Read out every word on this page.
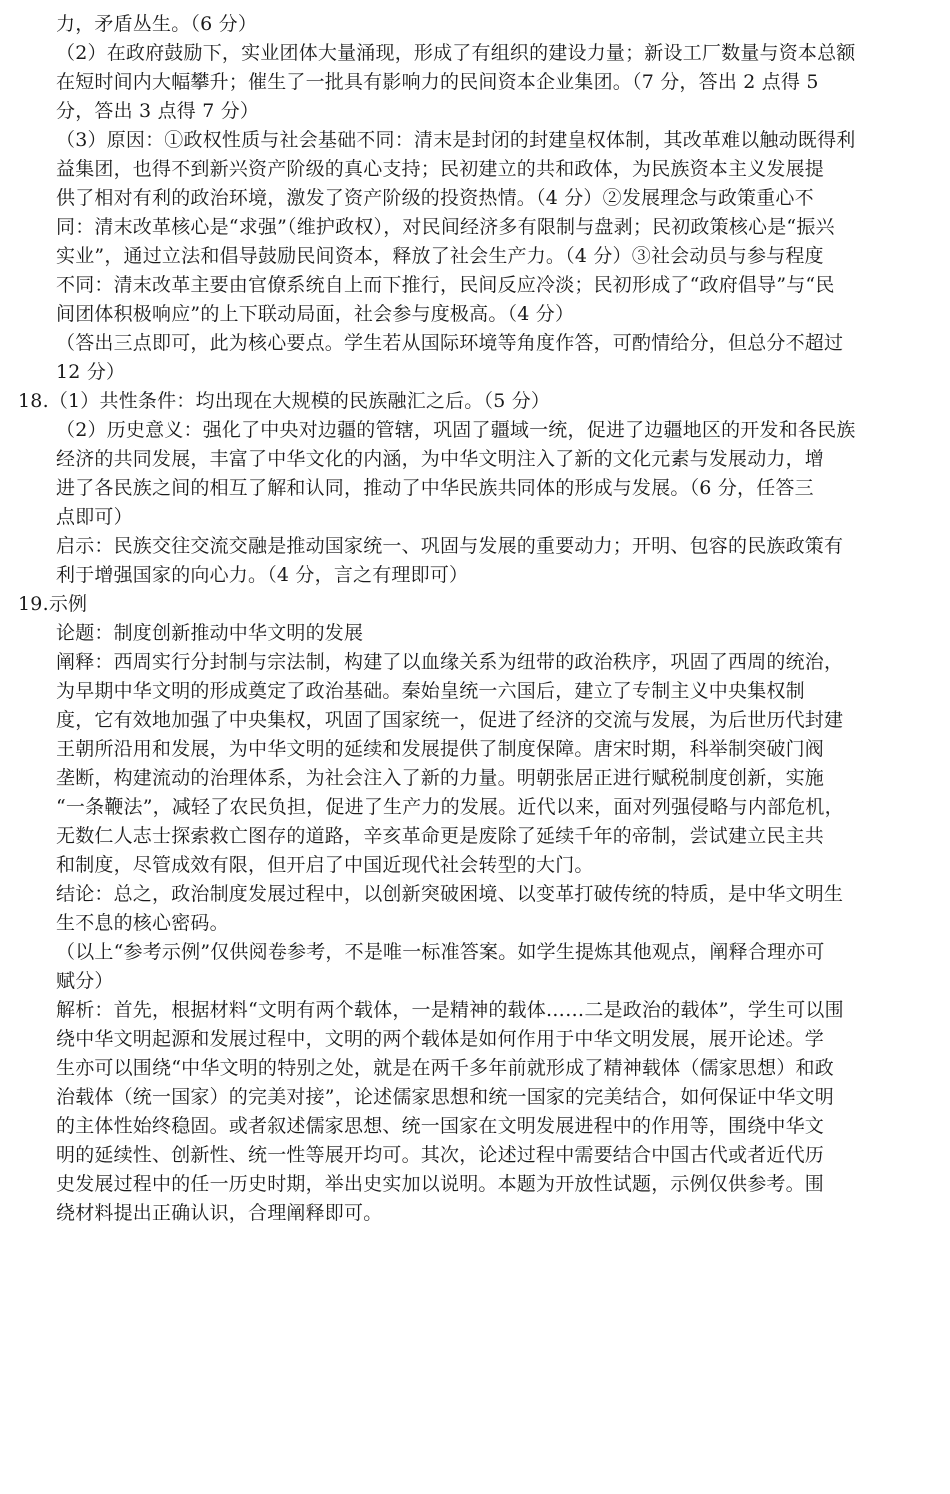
力，矛盾丛生。（6 分）
（2）在政府鼓励下，实业团体大量涌现，形成了有组织的建设力量；新设工厂数量与资本总额
在短时间内大幅攀升；催生了一批具有影响力的民间资本企业集团。（7 分，答出 2 点得 5
分，答出 3 点得 7 分）
（3）原因：①政权性质与社会基础不同：清末是封闭的封建皇权体制，其改革难以触动既得利
益集团，也得不到新兴资产阶级的真心支持；民初建立的共和政体，为民族资本主义发展提
供了相对有利的政治环境，激发了资产阶级的投资热情。（4 分）②发展理念与政策重心不
同：清末改革核心是“求强”（维护政权），对民间经济多有限制与盘剥；民初政策核心是“振兴
实业”，通过立法和倡导鼓励民间资本，释放了社会生产力。（4 分）③社会动员与参与程度
不同：清末改革主要由官僚系统自上而下推行，民间反应冷淡；民初形成了“政府倡导”与“民
间团体积极响应”的上下联动局面，社会参与度极高。（4 分）
（答出三点即可，此为核心要点。学生若从国际环境等角度作答，可酌情给分，但总分不超过
12 分）
18.（1）共性条件：均出现在大规模的民族融汇之后。（5 分）
（2）历史意义：强化了中央对边疆的管辖，巩固了疆域一统，促进了边疆地区的开发和各民族
经济的共同发展，丰富了中华文化的内涵，为中华文明注入了新的文化元素与发展动力，增
进了各民族之间的相互了解和认同，推动了中华民族共同体的形成与发展。（6 分，任答三
点即可）
启示：民族交往交流交融是推动国家统一、巩固与发展的重要动力；开明、包容的民族政策有
利于增强国家的向心力。（4 分，言之有理即可）
19.示例
论题：制度创新推动中华文明的发展
阐释：西周实行分封制与宗法制，构建了以血缘关系为纽带的政治秩序，巩固了西周的统治，
为早期中华文明的形成奠定了政治基础。秦始皇统一六国后，建立了专制主义中央集权制
度，它有效地加强了中央集权，巩固了国家统一，促进了经济的交流与发展，为后世历代封建
王朝所沿用和发展，为中华文明的延续和发展提供了制度保障。唐宋时期，科举制突破门阀
垄断，构建流动的治理体系，为社会注入了新的力量。明朝张居正进行赋税制度创新，实施
“一条鞭法”，减轻了农民负担，促进了生产力的发展。近代以来，面对列强侵略与内部危机，
无数仁人志士探索救亡图存的道路，辛亥革命更是废除了延续千年的帝制，尝试建立民主共
和制度，尽管成效有限，但开启了中国近现代社会转型的大门。
结论：总之，政治制度发展过程中，以创新突破困境、以变革打破传统的特质，是中华文明生
生不息的核心密码。
（以上“参考示例”仅供阅卷参考，不是唯一标准答案。如学生提炼其他观点，阐释合理亦可
赋分）
解析：首先，根据材料“文明有两个载体，一是精神的载体……二是政治的载体”，学生可以围
绕中华文明起源和发展过程中，文明的两个载体是如何作用于中华文明发展，展开论述。学
生亦可以围绕“中华文明的特别之处，就是在两千多年前就形成了精神载体（儒家思想）和政
治载体（统一国家）的完美对接”，论述儒家思想和统一国家的完美结合，如何保证中华文明
的主体性始终稳固。或者叙述儒家思想、统一国家在文明发展进程中的作用等，围绕中华文
明的延续性、创新性、统一性等展开均可。其次，论述过程中需要结合中国古代或者近代历
史发展过程中的任一历史时期，举出史实加以说明。本题为开放性试题，示例仅供参考。围
绕材料提出正确认识，合理阐释即可。
